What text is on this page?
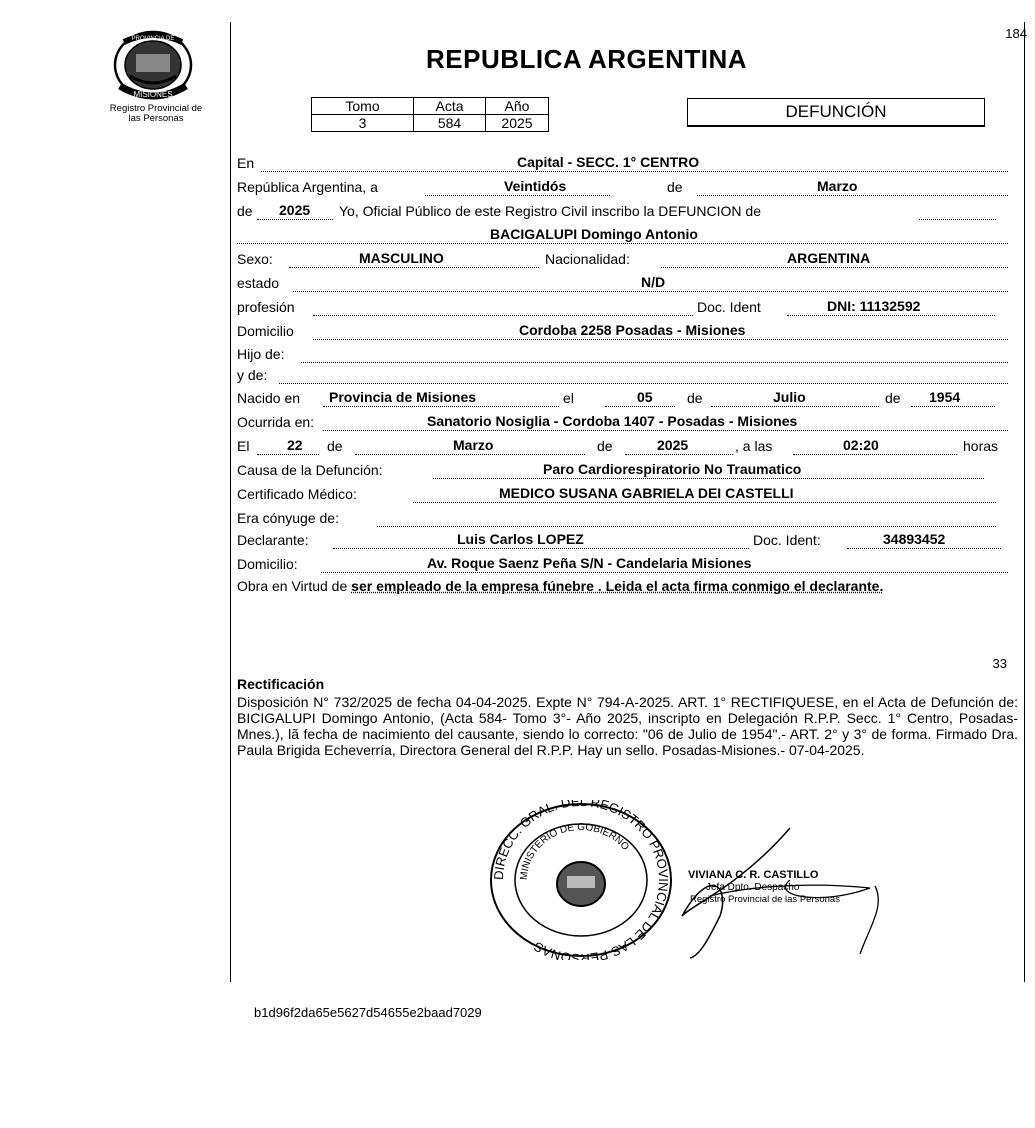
PROVINCIA DE
MISIONES
Registro Provincial de
las Personas
184
REPUBLICA ARGENTINA
Tomo	Acta	Año
3	584	2025
DEFUNCIÓN
En	Capital - SECC. 1° CENTRO
República Argentina, a	Veintidós	de	Marzo
de 2025 Yo, Oficial Público de este Registro Civil inscribo la DEFUNCION de
BACIGALUPI Domingo Antonio
Sexo:	MASCULINO	Nacionalidad:	ARGENTINA
estado	N/D
profesión	Doc. Ident	DNI: 11132592
Domicilio	Cordoba 2258 Posadas - Misiones
Hijo de:
y de:
Nacido en Provincia de Misiones	el	05 de	Julio	de 1954
Ocurrida en:	Sanatorio Nosiglia - Cordoba 1407 - Posadas - Misiones
El	22 de	Marzo	de	2025	, a las	02:20	horas
Causa de la Defunción:	Paro Cardiorespiratorio No Traumatico
Certificado Médico:	MEDICO SUSANA GABRIELA DEI CASTELLI
Era cónyuge de:
Declarante:	Luis Carlos LOPEZ	Doc. Ident:	34893452
Domicilio:	Av. Roque Saenz Peña S/N - Candelaria Misiones
Obra en Virtud de ser empleado de la empresa fúnebre . Leida el acta firma conmigo el declarante.
33
Rectificación
Disposición N° 732/2025 de fecha 04-04-2025. Expte N° 794-A-2025. ART. 1° RECTIFIQUESE, en el Acta de Defunción de: BICIGALUPI Domingo Antonio, (Acta 584- Tomo 3°- Año 2025, inscripto en Delegación R.P.P. Secc. 1° Centro, Posadas-Mnes.), lã fecha de nacimiento del causante, siendo lo correcto: "06 de Julio de 1954".- ART. 2° y 3° de forma. Firmado Dra. Paula Brigida Echeverría, Directora General del R.P.P. Hay un sello. Posadas-Misiones.- 07-04-2025.
DIRECC. GRAL. DEL REGISTRO PROVINCIAL DE LAS PERSONAS
MINISTERIO DE GOBIERNO
VIVIANA C. R. CASTILLO
Jefa Dpto. Despacho
Registro Provincial de las Personas
b1d96f2da65e5627d54655e2baad7029
